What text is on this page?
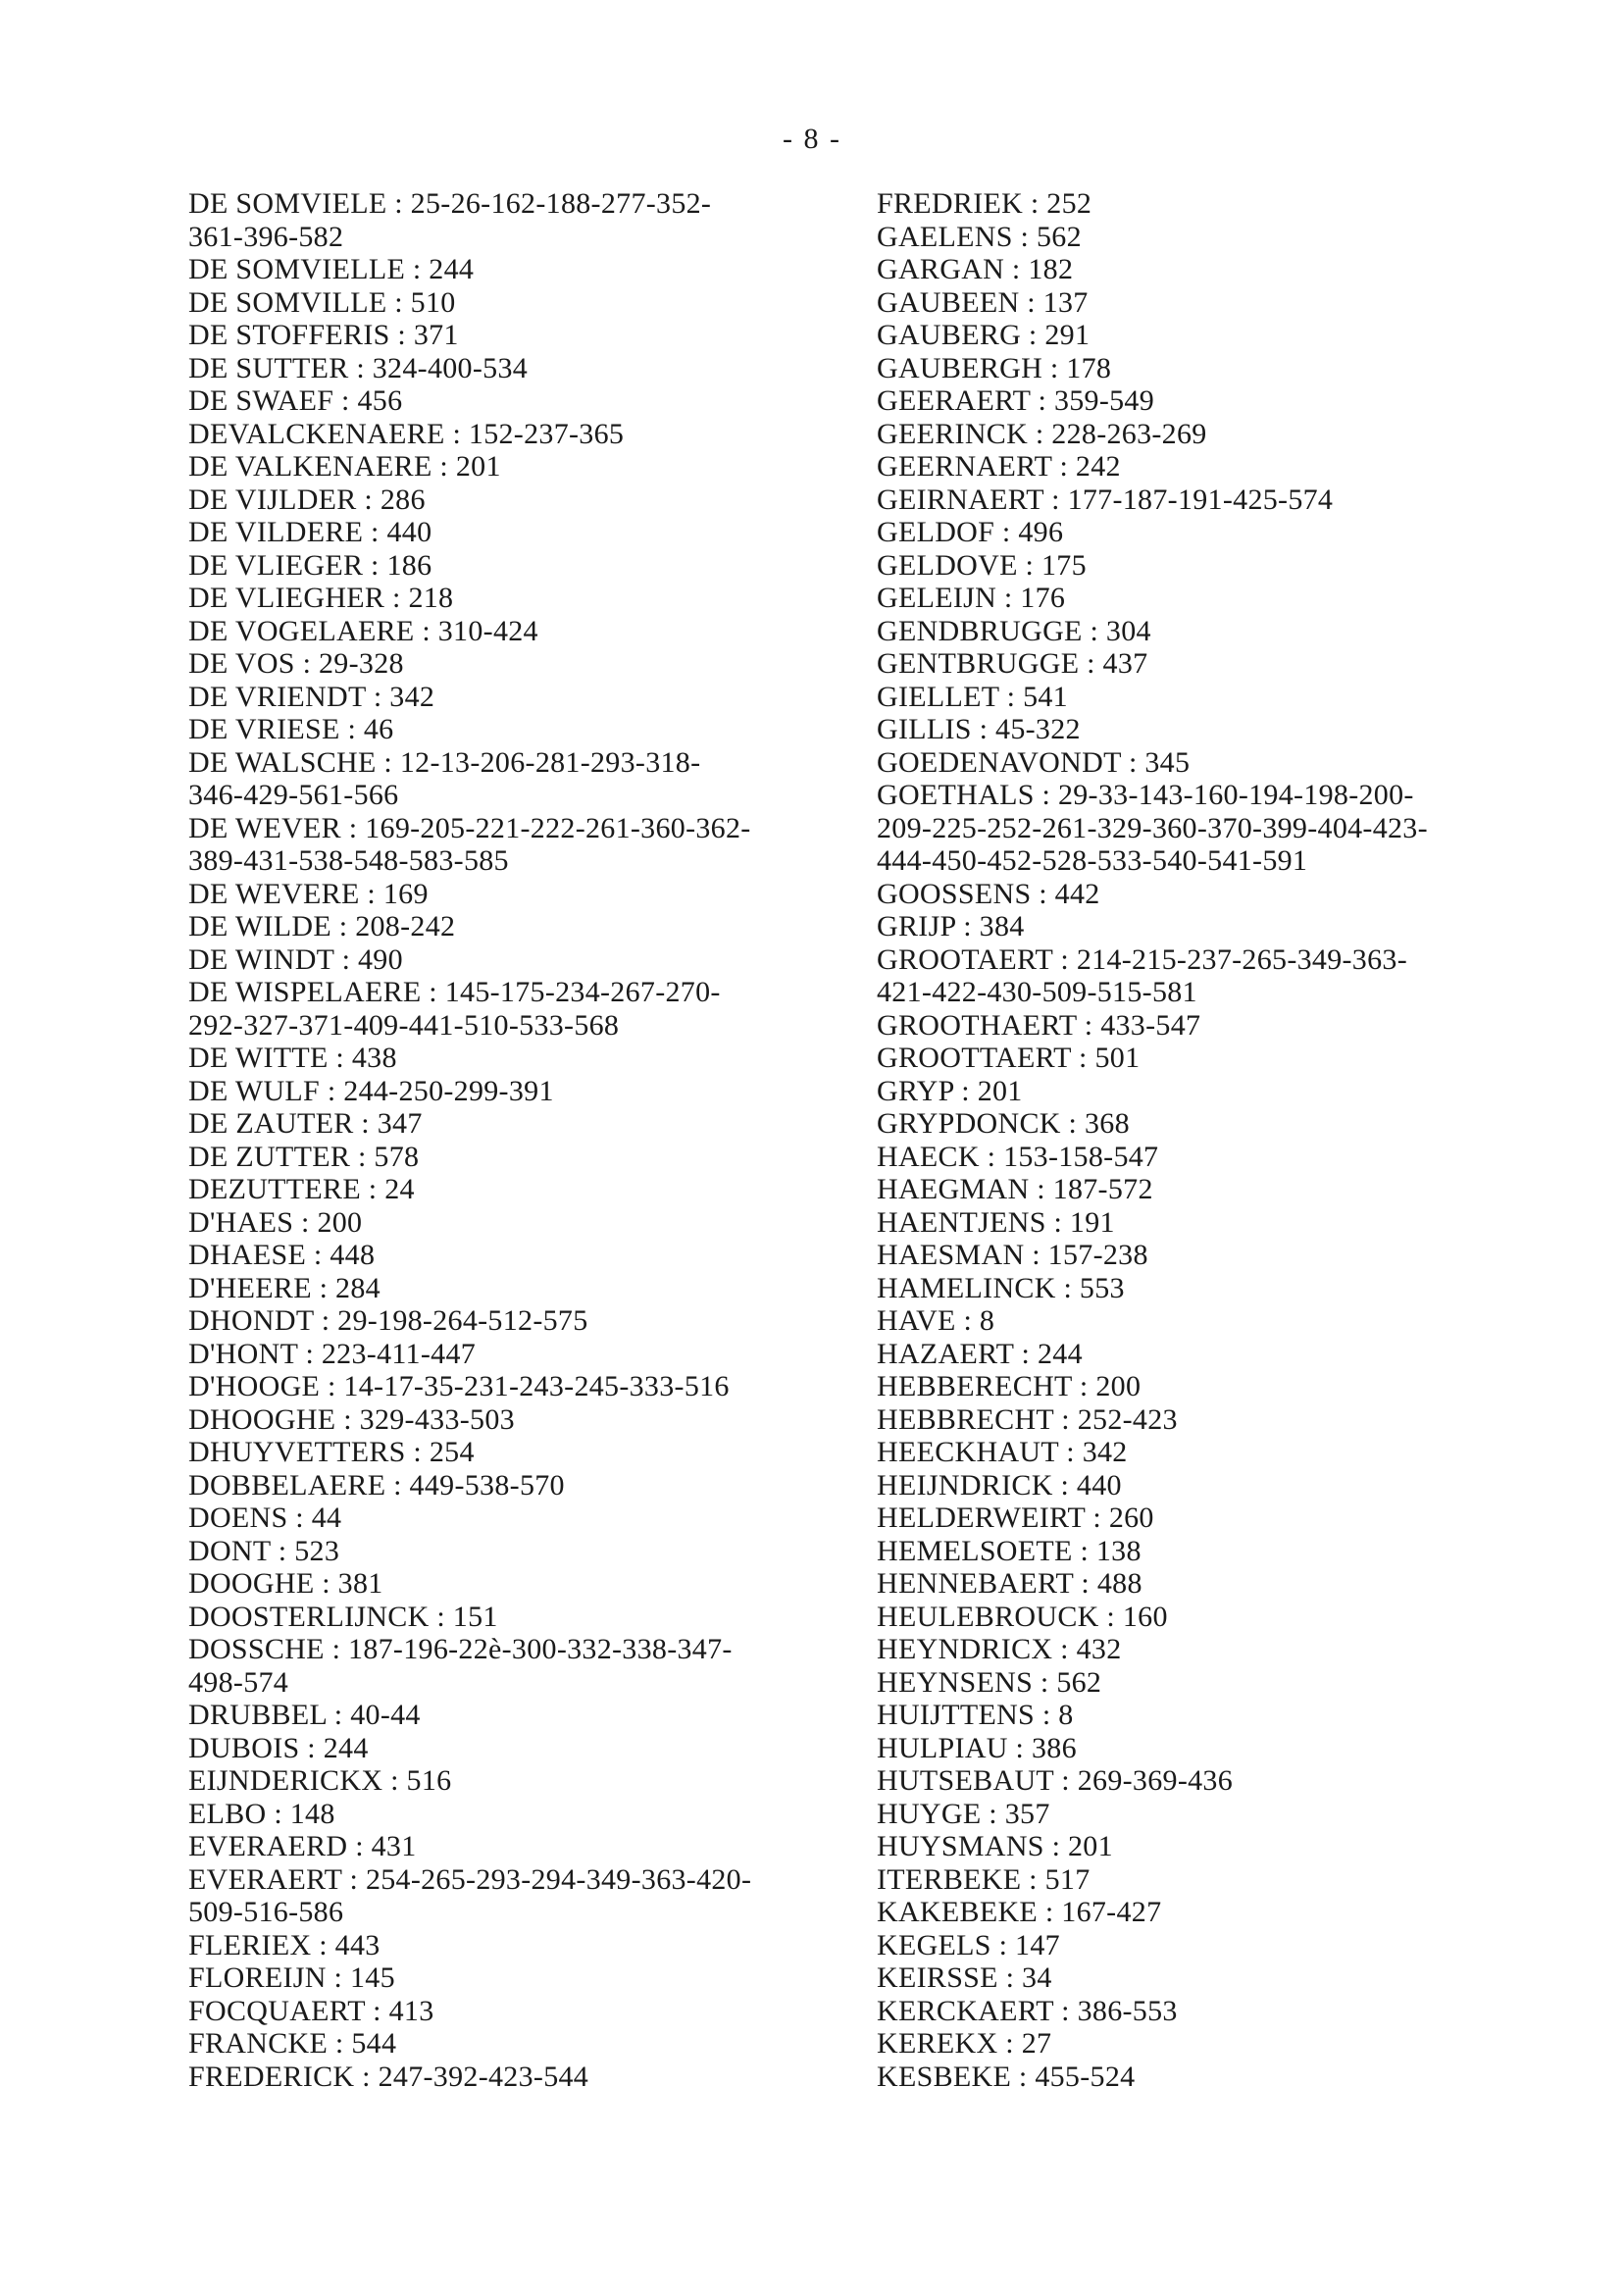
- 8 -
DE SOMVIELE : 25-26-162-188-277-352-
361-396-582
DE SOMVIELLE : 244
DE SOMVILLE : 510
DE STOFFERIS : 371
DE SUTTER : 324-400-534
DE SWAEF : 456
DEVALCKENAERE : 152-237-365
DE VALKENAERE : 201
DE VIJLDER : 286
DE VILDERE : 440
DE VLIEGER : 186
DE VLIEGHER : 218
DE VOGELAERE : 310-424
DE VOS : 29-328
DE VRIENDT : 342
DE VRIESE : 46
DE WALSCHE : 12-13-206-281-293-318-
346-429-561-566
DE WEVER : 169-205-221-222-261-360-362-
389-431-538-548-583-585
DE WEVERE : 169
DE WILDE : 208-242
DE WINDT : 490
DE WISPELAERE : 145-175-234-267-270-
292-327-371-409-441-510-533-568
DE WITTE : 438
DE WULF : 244-250-299-391
DE ZAUTER : 347
DE ZUTTER : 578
DEZUTTERE : 24
D'HAES : 200
DHAESE : 448
D'HEERE : 284
DHONDT : 29-198-264-512-575
D'HONT : 223-411-447
D'HOOGE : 14-17-35-231-243-245-333-516
DHOOGHE : 329-433-503
DHUYVETTERS : 254
DOBBELAERE : 449-538-570
DOENS : 44
DONT : 523
DOOGHE : 381
DOOSTERLIJNCK : 151
DOSSCHE : 187-196-22è-300-332-338-347-
498-574
DRUBBEL : 40-44
DUBOIS : 244
EIJNDERICKX : 516
ELBO : 148
EVERAERD : 431
EVERAERT : 254-265-293-294-349-363-420-
509-516-586
FLERIEX : 443
FLOREIJN : 145
FOCQUAERT : 413
FRANCKE : 544
FREDERICK : 247-392-423-544
FREDRIEK : 252
GAELENS : 562
GARGAN : 182
GAUBEEN : 137
GAUBERG : 291
GAUBERGH : 178
GEERAERT : 359-549
GEERINCK : 228-263-269
GEERNAERT : 242
GEIRNAERT : 177-187-191-425-574
GELDOF : 496
GELDOVE : 175
GELEIJN : 176
GENDBRUGGE : 304
GENTBRUGGE : 437
GIELLET : 541
GILLIS : 45-322
GOEDENAVONDT : 345
GOETHALS : 29-33-143-160-194-198-200-
209-225-252-261-329-360-370-399-404-423-
444-450-452-528-533-540-541-591
GOOSSENS : 442
GRIJP : 384
GROOTAERT : 214-215-237-265-349-363-
421-422-430-509-515-581
GROOTHAERT : 433-547
GROOTTAERT : 501
GRYP : 201
GRYPDONCK : 368
HAECK : 153-158-547
HAEGMAN : 187-572
HAENTJENS : 191
HAESMAN : 157-238
HAMELINCK : 553
HAVE : 8
HAZAERT : 244
HEBBERECHT : 200
HEBBRECHT : 252-423
HEECKHAUT : 342
HEIJNDRICK : 440
HELDERWEIRT : 260
HEMELSOETE : 138
HENNEBAERT : 488
HEULEBROUCK : 160
HEYNDRICX : 432
HEYNSENS : 562
HUIJTTENS : 8
HULPIAU : 386
HUTSEBAUT : 269-369-436
HUYGE : 357
HUYSMANS : 201
ITERBEKE : 517
KAKEBEKE : 167-427
KEGELS : 147
KEIRSSE : 34
KERCKAERT : 386-553
KEREKX : 27
KESBEKE : 455-524
